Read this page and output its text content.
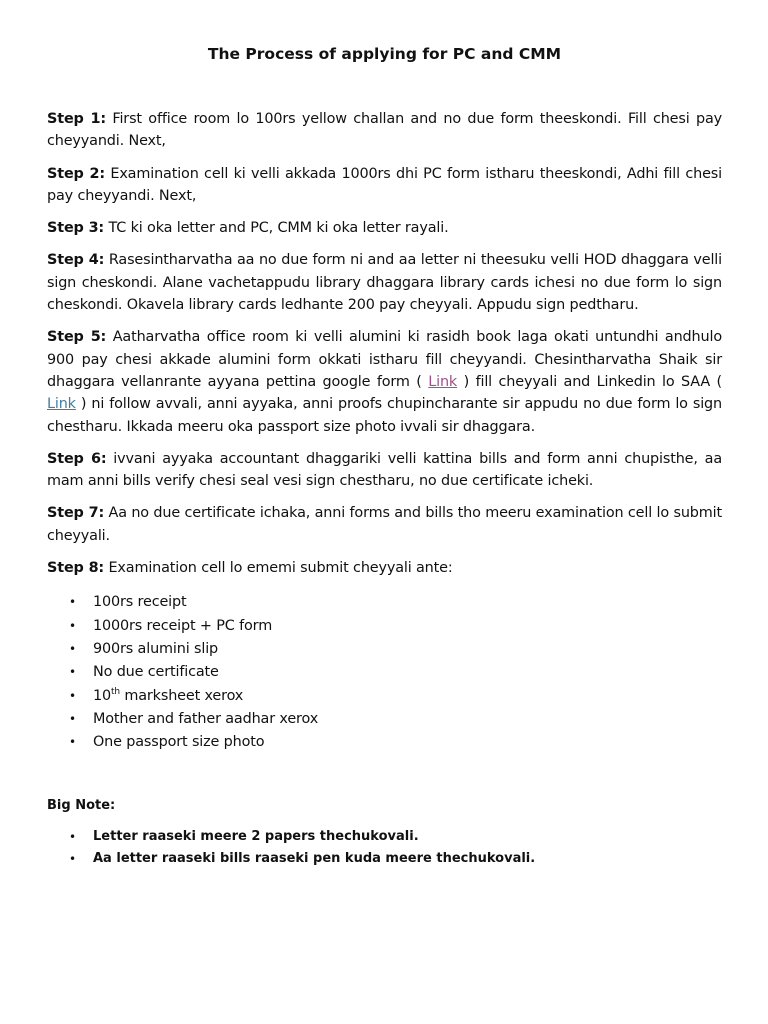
The Process of applying for PC and CMM

Step 1: First office room lo 100rs yellow challan and no due form theeskondi. Fill chesi pay cheyyandi. Next,

Step 2: Examination cell ki velli akkada 1000rs dhi PC form istharu theeskondi, Adhi fill chesi pay cheyyandi. Next,

Step 3: TC ki oka letter and PC, CMM ki oka letter rayali.

Step 4: Rasesintharvatha aa no due form ni and aa letter ni theesuku velli HOD dhaggara velli sign cheskondi. Alane vachetappudu library dhaggara library cards ichesi no due form lo sign cheskondi. Okavela library cards ledhante 200 pay cheyyali. Appudu sign pedtharu.

Step 5: Aatharvatha office room ki velli alumini ki rasidh book laga okati untundhi andhulo 900 pay chesi akkade alumini form okkati istharu fill cheyyandi. Chesintharvatha Shaik sir dhaggara vellanrante ayyana pettina google form ( Link ) fill cheyyali and Linkedin lo SAA ( Link ) ni follow avvali, anni ayyaka, anni proofs chupincharante sir appudu no due form lo sign chestharu. Ikkada meeru oka passport size photo ivvali sir dhaggara.

Step 6: ivvani ayyaka accountant dhaggariki velli kattina bills and form anni chupisthe, aa mam anni bills verify chesi seal vesi sign chestharu, no due certificate icheki.

Step 7: Aa no due certificate ichaka, anni forms and bills tho meeru examination cell lo submit cheyyali.

Step 8: Examination cell lo ememi submit cheyyali ante:

• 100rs receipt
• 1000rs receipt + PC form
• 900rs alumini slip
• No due certificate
• 10th marksheet xerox
• Mother and father aadhar xerox
• One passport size photo
Big Note:
• Letter raaseki meere 2 papers thechukovali.
• Aa letter raaseki bills raaseki pen kuda meere thechukovali.
